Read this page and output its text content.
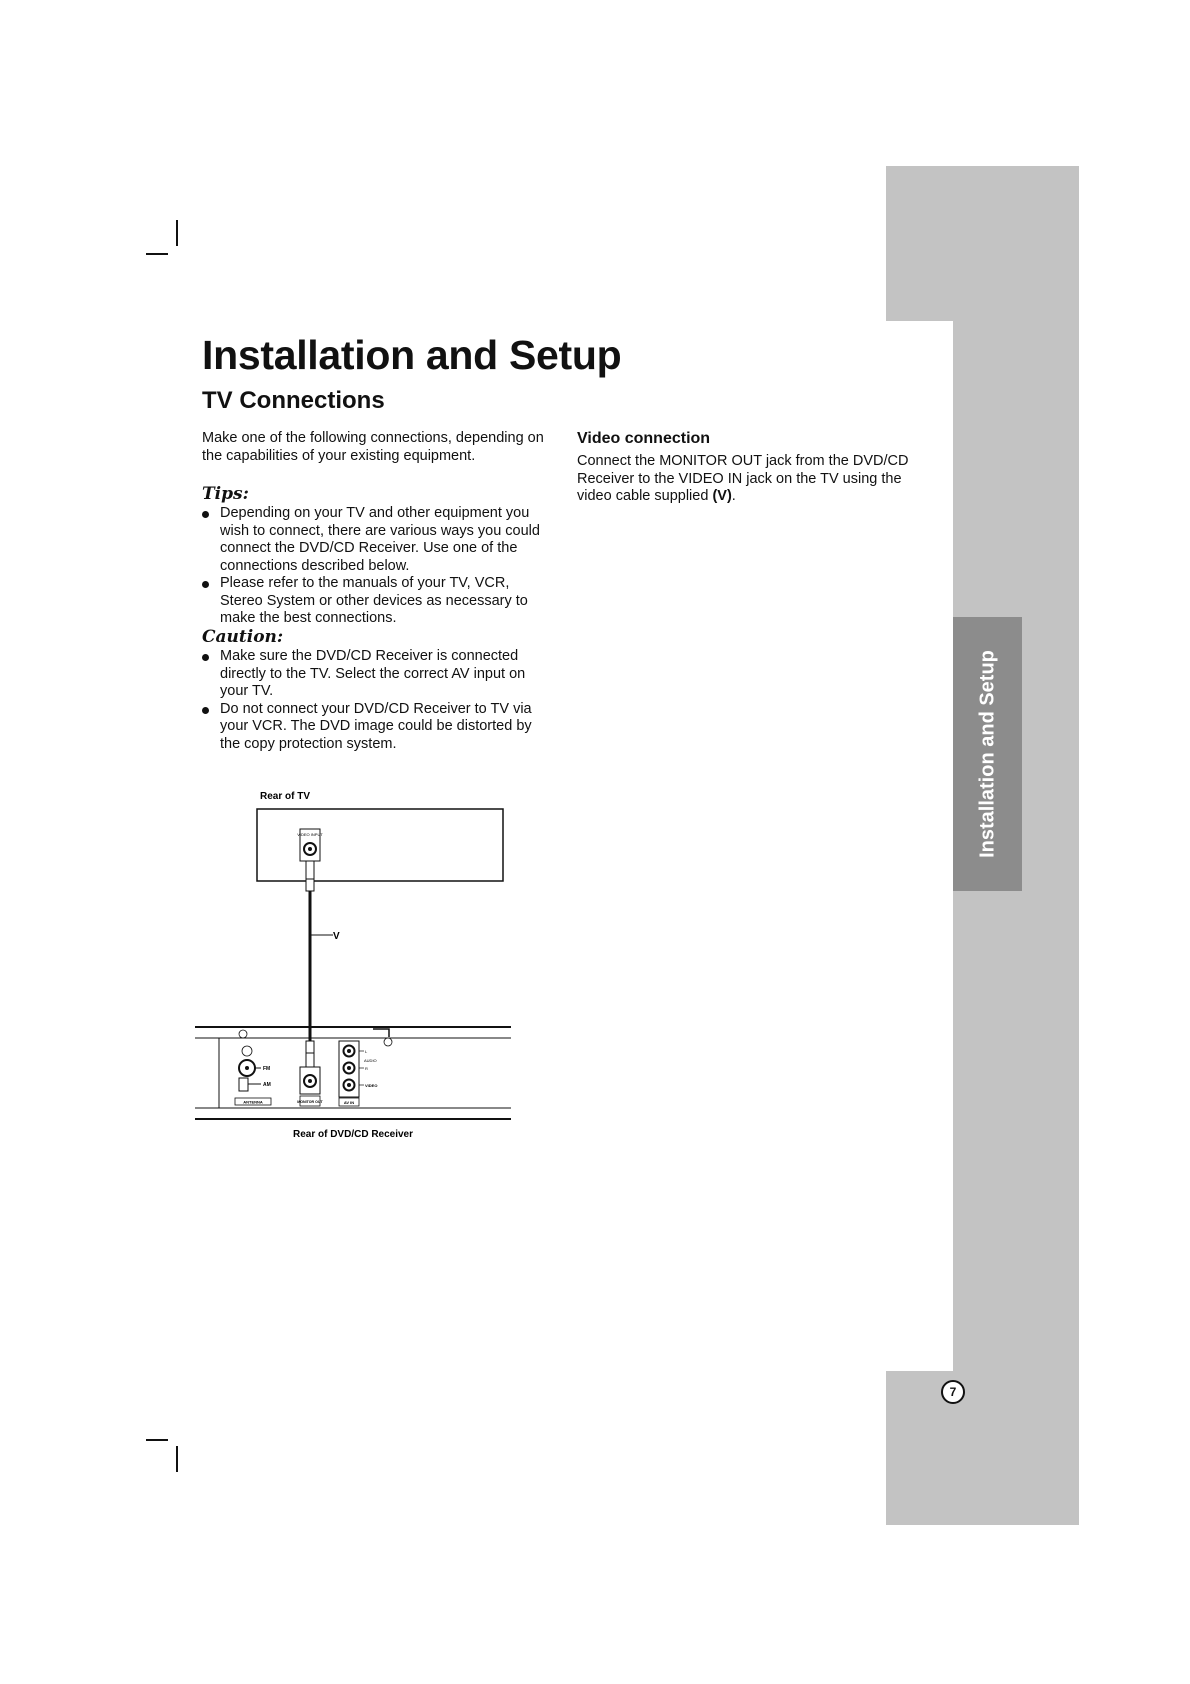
Installation and Setup
7
Installation and Setup
TV Connections
Make one of the following connections, depending on the capabilities of your existing equipment.
Tips:
Depending on your TV and other equipment you wish to connect, there are various ways you could connect the DVD/CD Receiver. Use one of the connections described below.
Please refer to the manuals of your TV, VCR, Stereo System or other devices as necessary to make the best connections.
Caution:
Make sure the DVD/CD Receiver is connected directly to the TV. Select the correct AV input on your TV.
Do not connect your DVD/CD Receiver to TV via your VCR. The DVD image could be distorted by the copy protection system.
Video connection
Connect the MONITOR OUT jack from the DVD/CD Receiver to the VIDEO IN jack on the TV using the video cable supplied (V).
Rear of TV
VIDEO INPUT
V
FM
AM
ANTENNA	MONITOR OUT
L
AUDIO
R
VIDEO
AV IN
Rear of DVD/CD Receiver
